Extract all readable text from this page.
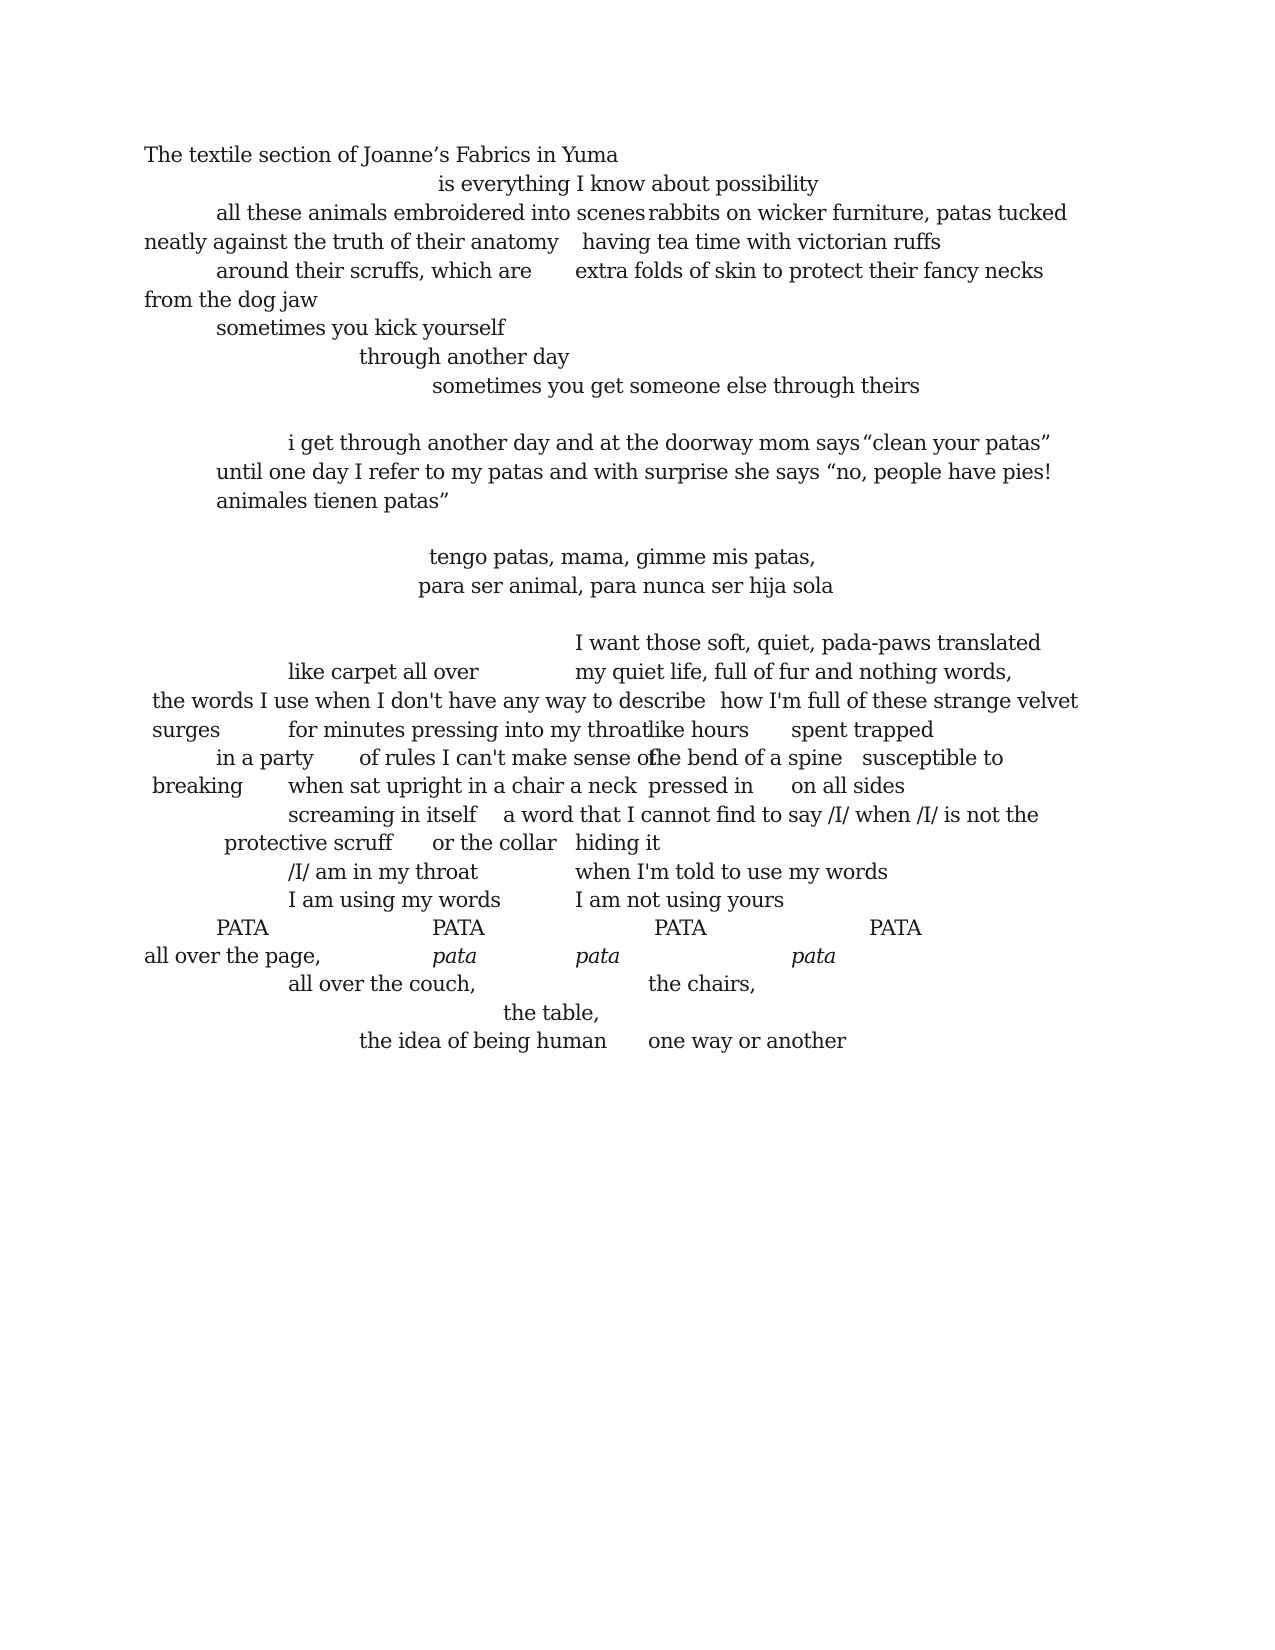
The textile section of Joanne’s Fabrics in Yuma
is everything I know about possibility
all these animals embroidered into scenes rabbits on wicker furniture, patas tucked
neatly against the truth of their anatomy having tea time with victorian ruffs
around their scruffs, which are extra folds of skin to protect their fancy necks
from the dog jaw
sometimes you kick yourself
through another day
sometimes you get someone else through theirs
i get through another day and at the doorway mom says “clean your patas”
until one day I refer to my patas and with surprise she says “no, people have pies!
animales tienen patas”
tengo patas, mama, gimme mis patas,
para ser animal, para nunca ser hija sola
I want those soft, quiet, pada-paws translated
like carpet all over	my quiet life, full of fur and nothing words,
the words I use when I don't have any way to describe how I'm full of these strange velvet
surges	for minutes pressing into my throat
like hours spent trapped
in a party of rules I can't make sense of
the bend of a spine susceptible to
breaking when sat upright in a chair a neck pressed in on all sides
screaming in itself a word that I cannot find to say /I/ when /I/ is not the
protective scruff or the collar hiding it
/I/ am in my throat	when I'm told to use my words
I am using my words	I am not using yours
PATA	PATA	PATA	PATA
all over the page,	pata	pata	pata
all over the couch,	the chairs,
the table,
the idea of being human one way or another
